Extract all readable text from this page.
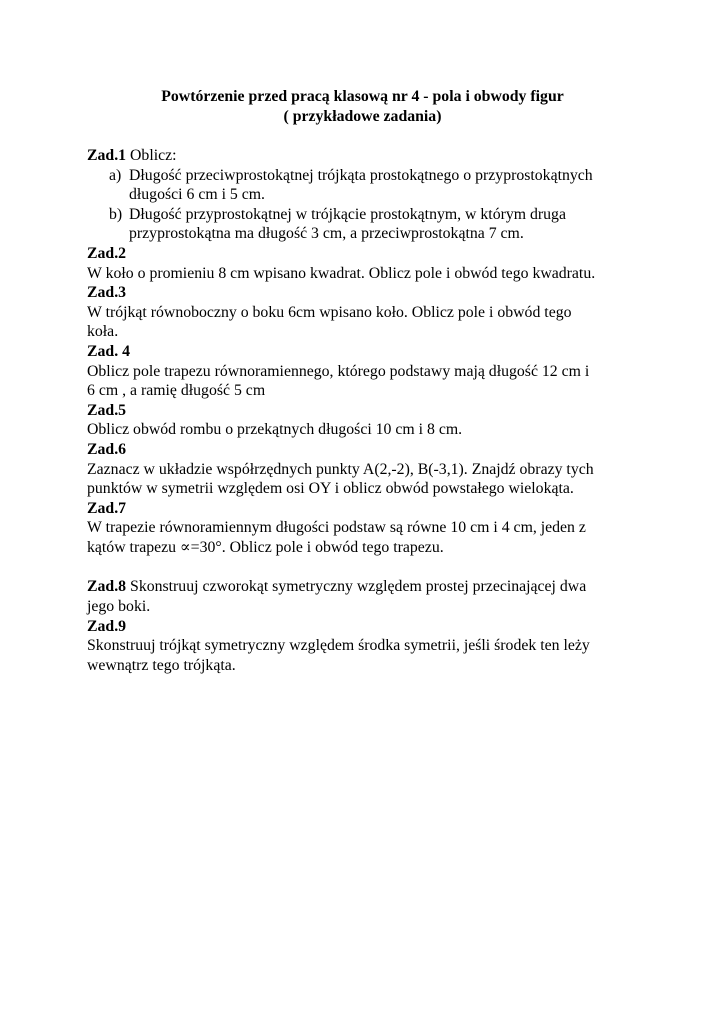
Powtórzenie przed pracą klasową nr 4 - pola i obwody figur
( przykładowe zadania)
Zad.1 Oblicz:
a) Długość przeciwprostokątnej trójkąta prostokątnego o przyprostokątnych
długości 6 cm i 5 cm.
b) Długość przyprostokątnej w trójkącie prostokątnym, w którym druga
przyprostokątna ma długość 3 cm, a przeciwprostokątna 7 cm.
Zad.2
W koło o promieniu 8 cm wpisano kwadrat. Oblicz pole i obwód tego kwadratu.
Zad.3
W trójkąt równoboczny o boku 6cm wpisano koło. Oblicz pole i obwód tego
koła.
Zad. 4
Oblicz pole trapezu równoramiennego, którego podstawy mają długość 12 cm i
6 cm , a ramię długość 5 cm
Zad.5
Oblicz obwód rombu o przekątnych długości 10 cm i 8 cm.
Zad.6
Zaznacz w układzie współrzędnych punkty A(2,-2), B(-3,1). Znajdź obrazy tych
punktów w symetrii względem osi OY i oblicz obwód powstałego wielokąta.
Zad.7
W trapezie równoramiennym długości podstaw są równe 10 cm i 4 cm, jeden z
kątów trapezu ∝=30°. Oblicz pole i obwód tego trapezu.
Zad.8 Skonstruuj czworokąt symetryczny względem prostej przecinającej dwa
jego boki.
Zad.9
Skonstruuj trójkąt symetryczny względem środka symetrii, jeśli środek ten leży
wewnątrz tego trójkąta.
